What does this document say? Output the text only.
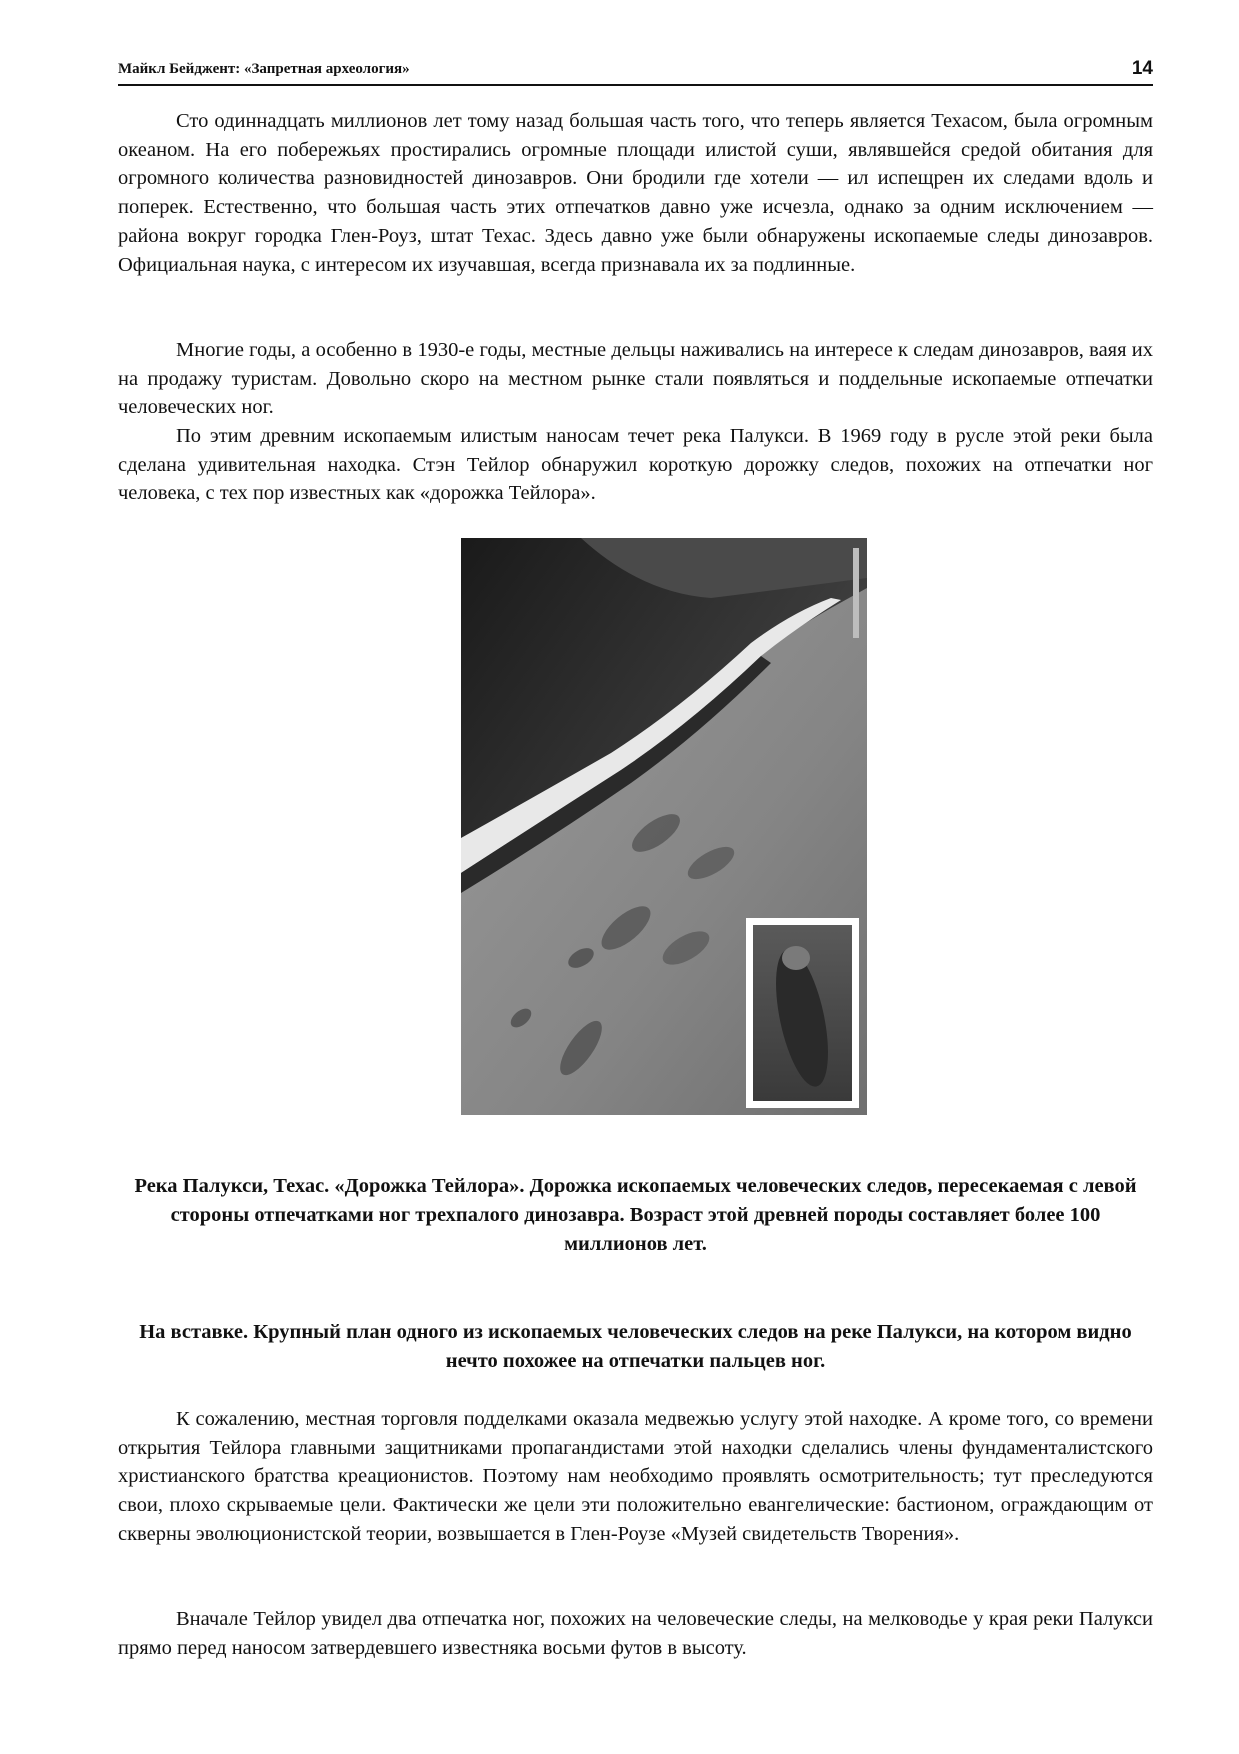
Майкл Бейджент: «Запретная археология»	14

Сто одиннадцать миллионов лет тому назад большая часть того, что теперь является Техасом, была огромным океаном. На его побережьях простирались огромные площади илистой суши, являвшейся средой обитания для огромного количества разновидностей динозавров. Они бродили где хотели — ил испещрен их следами вдоль и поперек. Естественно, что большая часть этих отпечатков давно уже исчезла, однако за одним исключением — района вокруг городка Глен-Роуз, штат Техас. Здесь давно уже были обнаружены ископаемые следы динозавров. Официальная наука, с интересом их изучавшая, всегда признавала их за подлинные.

Многие годы, а особенно в 1930-е годы, местные дельцы наживались на интересе к следам динозавров, ваяя их на продажу туристам. Довольно скоро на местном рынке стали появляться и поддельные ископаемые отпечатки человеческих ног.

По этим древним ископаемым илистым наносам течет река Палукси. В 1969 году в русле этой реки была сделана удивительная находка. Стэн Тейлор обнаружил короткую дорожку следов, похожих на отпечатки ног человека, с тех пор известных как «дорожка Тейлора».

Река Палукси, Техас. «Дорожка Тейлора». Дорожка ископаемых человеческих следов, пересекаемая с левой стороны отпечатками ног трехпалого динозавра. Возраст этой древней породы составляет более 100 миллионов лет.

На вставке. Крупный план одного из ископаемых человеческих следов на реке Палукси, на котором видно нечто похожее на отпечатки пальцев ног.

К сожалению, местная торговля подделками оказала медвежью услугу этой находке. А кроме того, со времени открытия Тейлора главными защитниками пропагандистами этой находки сделались члены фундаменталистского христианского братства креационистов. Поэтому нам необходимо проявлять осмотрительность; тут преследуются свои, плохо скрываемые цели. Фактически же цели эти положительно евангелические: бастионом, ограждающим от скверны эволюционистской теории, возвышается в Глен-Роузе «Музей свидетельств Творения».

Вначале Тейлор увидел два отпечатка ног, похожих на человеческие следы, на мелководье у края реки Палукси прямо перед наносом затвердевшего известняка восьми футов в высоту.
